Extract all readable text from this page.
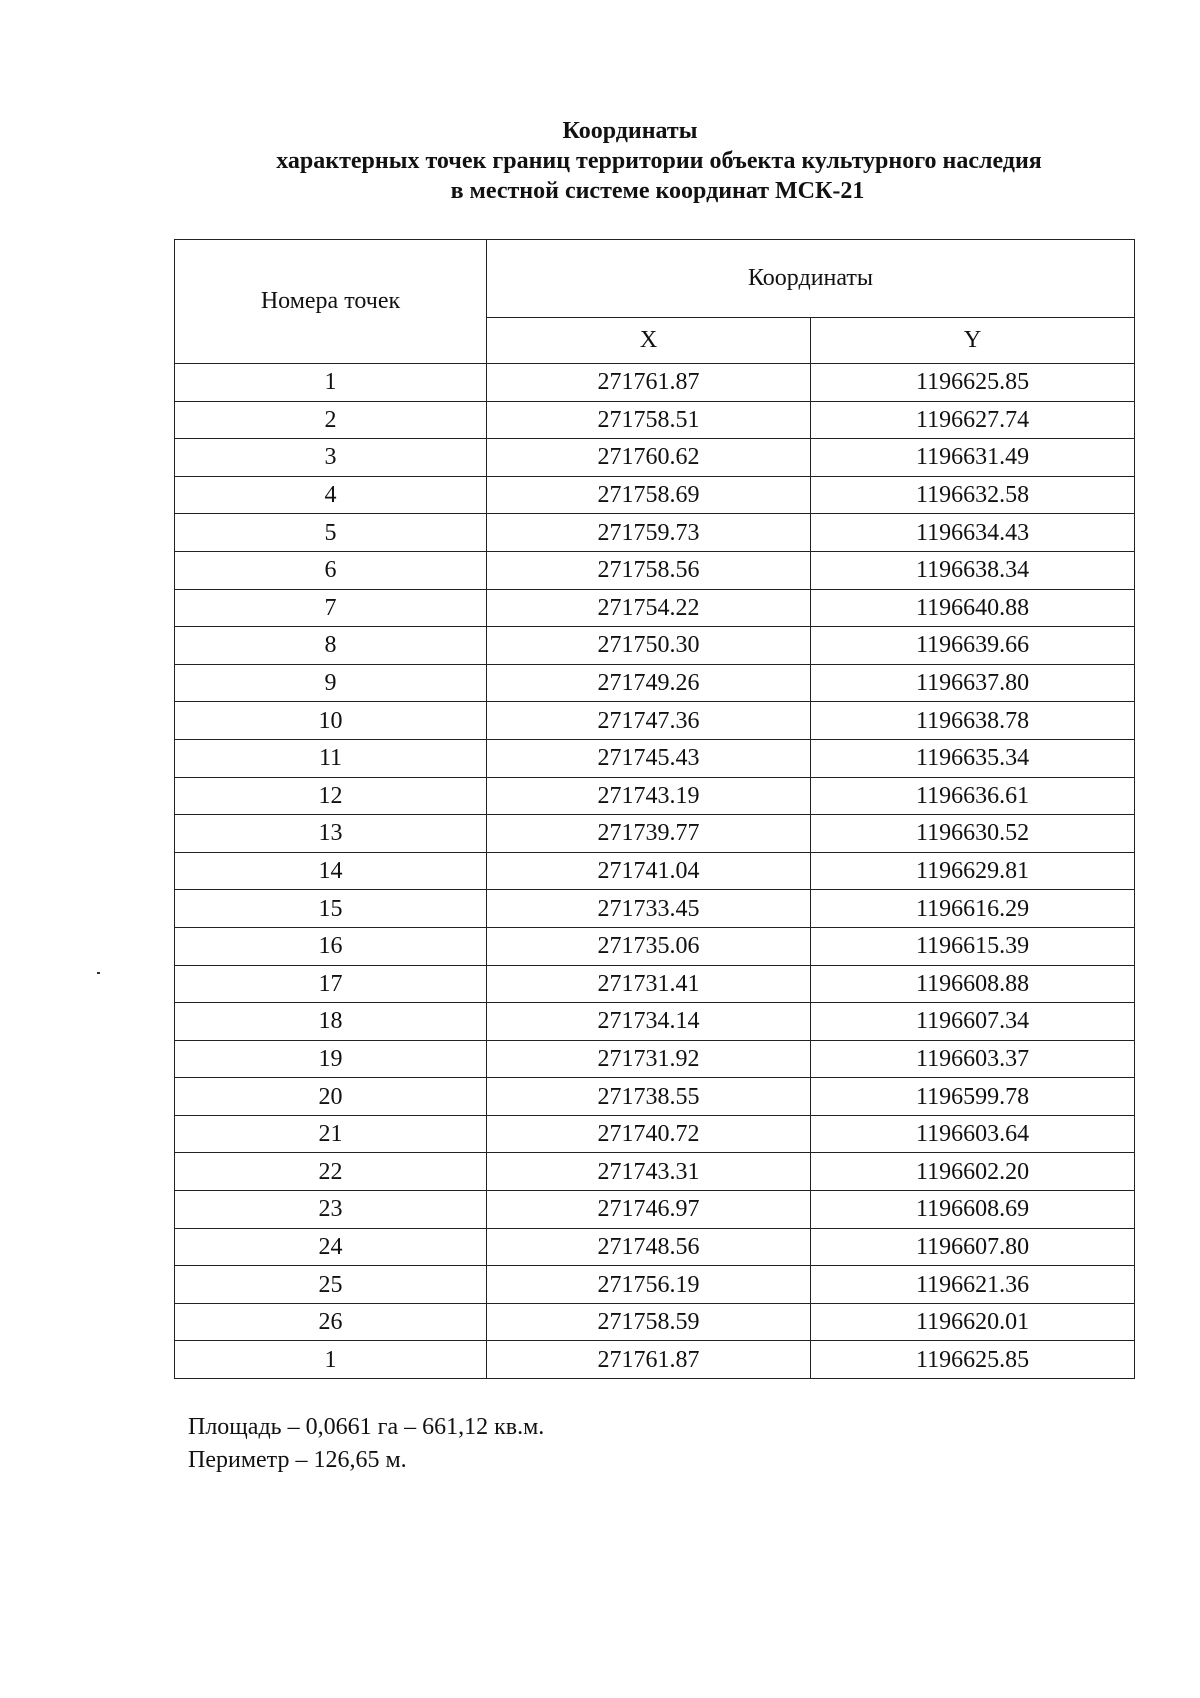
Координаты
характерных точек границ территории объекта культурного наследия
в местной системе координат МСК-21
Номера точек	Координаты	
	X	Y
1	271761.87	1196625.85
2	271758.51	1196627.74
3	271760.62	1196631.49
4	271758.69	1196632.58
5	271759.73	1196634.43
6	271758.56	1196638.34
7	271754.22	1196640.88
8	271750.30	1196639.66
9	271749.26	1196637.80
10	271747.36	1196638.78
11	271745.43	1196635.34
12	271743.19	1196636.61
13	271739.77	1196630.52
14	271741.04	1196629.81
15	271733.45	1196616.29
16	271735.06	1196615.39
17	271731.41	1196608.88
18	271734.14	1196607.34
19	271731.92	1196603.37
20	271738.55	1196599.78
21	271740.72	1196603.64
22	271743.31	1196602.20
23	271746.97	1196608.69
24	271748.56	1196607.80
25	271756.19	1196621.36
26	271758.59	1196620.01
1	271761.87	1196625.85
Площадь – 0,0661 га – 661,12 кв.м.
Периметр – 126,65 м.
